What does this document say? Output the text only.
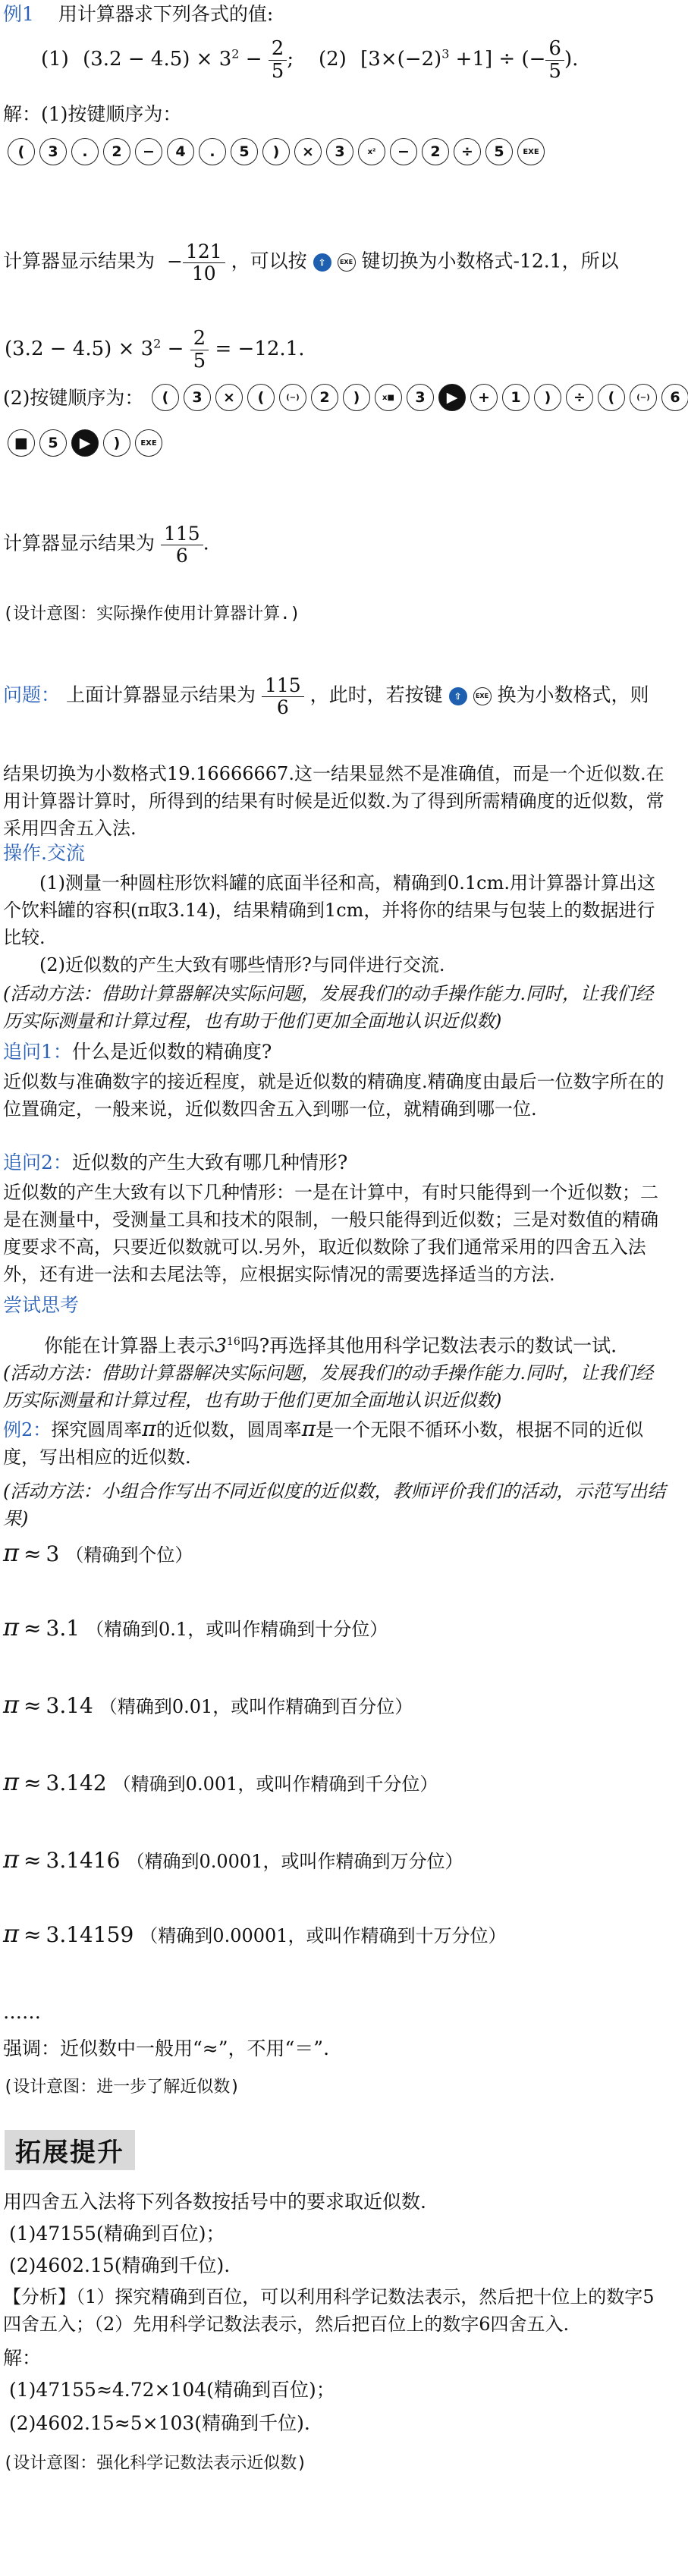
例1 用计算器求下列各式的值:
(1) $(3.2 - 4.5) \times 3^2 - \frac{2}{5}$ ; (2) $[3\times(-2)^3 +1]$ ÷ (− $\frac{6}{5}$ ).
解：(1)按键顺序为：
(	3	.	2	−	4	.	5	)	×	3	x²	−	2	÷	5	EXE
计算器显示结果为 − $\frac{121}{10}$ ，可以按 ⇧ EXE 键切换为小数格式-12.1，所以
$(3.2 - 4.5) \times 3^2 - \frac{2}{5} = -12.1$.
(2)按键顺序为：	(	3	×	(	(−)	2	)	x■	3	▶	+	1	)	÷	(	(−)	6
■	5	▶	)	EXE
计算器显示结果为 $\frac{115}{6}$ .
(设计意图：实际操作使用计算器计算.)
问题： 上面计算器显示结果为 $\frac{115}{6}$ ，此时，若按键 ⇧ EXE 换为小数格式，则
结果切换为小数格式19.16666667.这一结果显然不是准确值，而是一个近似数.在用计算器计算时，所得到的结果有时候是近似数.为了得到所需精确度的近似数，常采用四舍五入法.
操作.交流
(1)测量一种圆柱形饮料罐的底面半径和高，精确到0.1cm.用计算器计算出这个饮料罐的容积(π取3.14)，结果精确到1cm，并将你的结果与包装上的数据进行比较.
(2)近似数的产生大致有哪些情形?与同伴进行交流.
(活动方法：借助计算器解决实际问题，发展我们的动手操作能力.同时，让我们经历实际测量和计算过程，也有助于他们更加全面地认识近似数)
追问1：什么是近似数的精确度?
近似数与准确数字的接近程度，就是近似数的精确度.精确度由最后一位数字所在的位置确定，一般来说，近似数四舍五入到哪一位，就精确到哪一位.
追问2：近似数的产生大致有哪几种情形?
近似数的产生大致有以下几种情形：一是在计算中，有时只能得到一个近似数；二是在测量中，受测量工具和技术的限制，一般只能得到近似数；三是对数值的精确度要求不高，只要近似数就可以.另外，取近似数除了我们通常采用的四舍五入法外，还有进一法和去尾法等，应根据实际情况的需要选择适当的方法.
尝试思考
你能在计算器上表示$3^{16}$吗?再选择其他用科学记数法表示的数试一试.
(活动方法：借助计算器解决实际问题，发展我们的动手操作能力.同时，让我们经历实际测量和计算过程，也有助于他们更加全面地认识近似数)
例2：探究圆周率π的近似数，圆周率π是一个无限不循环小数，根据不同的近似度，写出相应的近似数.
(活动方法：小组合作写出不同近似度的近似数，教师评价我们的活动，示范写出结果)
π ≈ 3 （精确到个位）
π ≈ 3.1 （精确到0.1，或叫作精确到十分位）
π ≈ 3.14 （精确到0.01，或叫作精确到百分位）
π ≈ 3.142 （精确到0.001，或叫作精确到千分位）
π ≈ 3.1416 （精确到0.0001，或叫作精确到万分位）
π ≈ 3.14159 （精确到0.00001，或叫作精确到十万分位）
……
强调：近似数中一般用“≈”，不用“＝”.
(设计意图：进一步了解近似数)
拓展提升
用四舍五入法将下列各数按括号中的要求取近似数.
(1)47155(精确到百位)；
(2)4602.15(精确到千位).
【分析】（1）探究精确到百位，可以利用科学记数法表示，然后把十位上的数字5四舍五入；（2）先用科学记数法表示，然后把百位上的数字6四舍五入.
解：
(1)47155≈4.72×104(精确到百位)；
(2)4602.15≈5×103(精确到千位).
(设计意图：强化科学记数法表示近似数)
